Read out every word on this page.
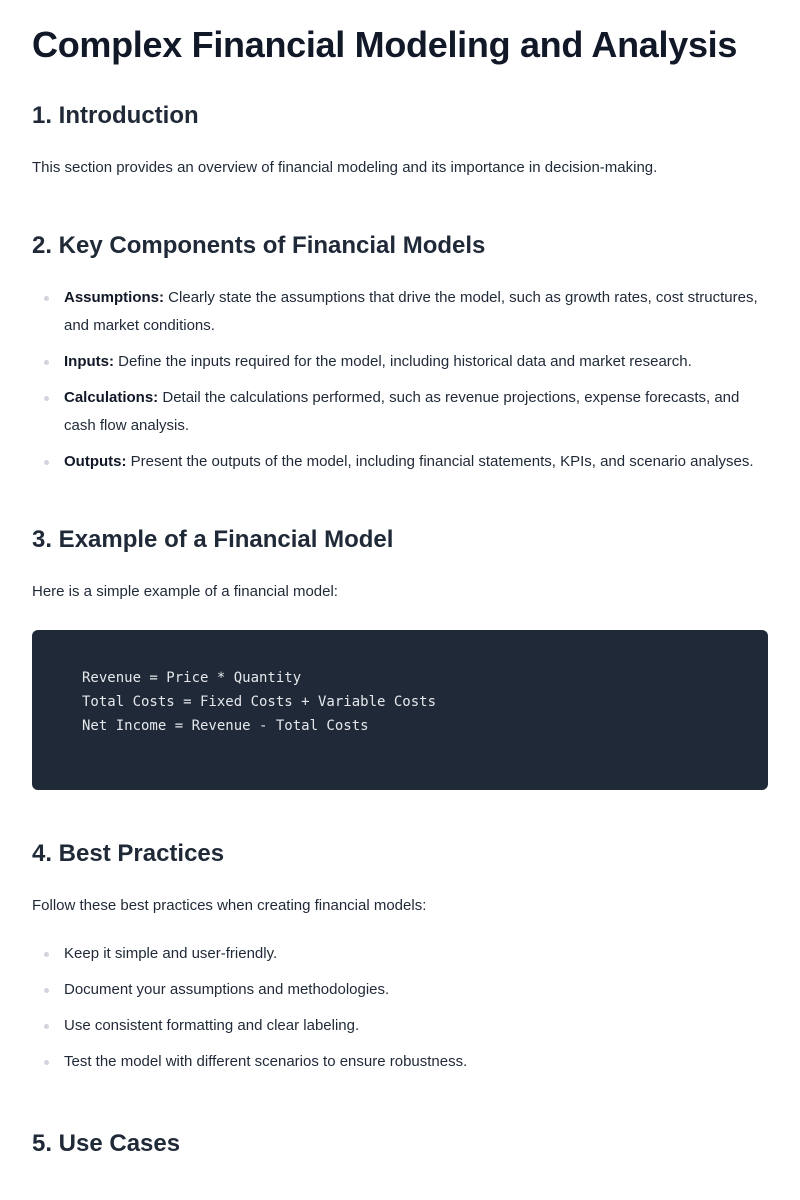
Complex Financial Modeling and Analysis
1. Introduction

This section provides an overview of financial modeling and its importance in decision-making.

2. Key Components of Financial Models
Assumptions: Clearly state the assumptions that drive the model, such as growth rates, cost structures, and market conditions.
Inputs: Define the inputs required for the model, including historical data and market research.
Calculations: Detail the calculations performed, such as revenue projections, expense forecasts, and cash flow analysis.
Outputs: Present the outputs of the model, including financial statements, KPIs, and scenario analyses.
3. Example of a Financial Model

Here is a simple example of a financial model:

Revenue = Price * Quantity
Total Costs = Fixed Costs + Variable Costs
Net Income = Revenue - Total Costs
4. Best Practices

Follow these best practices when creating financial models:

Keep it simple and user-friendly.
Document your assumptions and methodologies.
Use consistent formatting and clear labeling.
Test the model with different scenarios to ensure robustness.
5. Use Cases
